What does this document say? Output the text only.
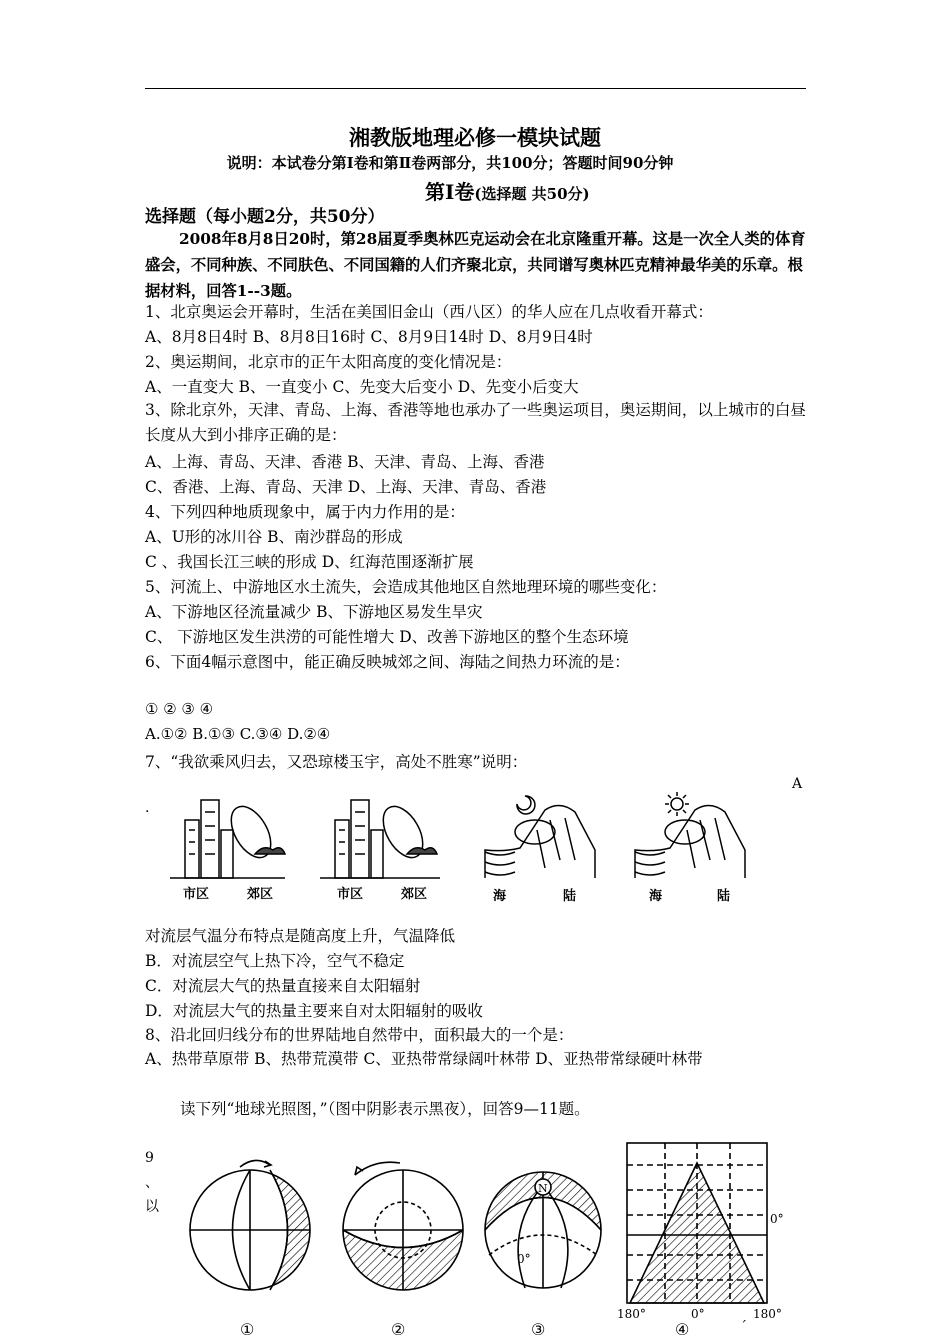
湘教版地理必修一模块试题
说明：本试卷分第Ⅰ卷和第Ⅱ卷两部分，共100分；答题时间90分钟
第Ⅰ卷(选择题 共50分)
选择题（每小题2分，共50分）
2008年8月8日20时，第28届夏季奥林匹克运动会在北京隆重开幕。这是一次全人类的体育盛会，不同种族、不同肤色、不同国籍的人们齐聚北京，共同谱写奥林匹克精神最华美的乐章。根据材料，回答1--3题。
1、北京奥运会开幕时，生活在美国旧金山（西八区）的华人应在几点收看开幕式：
A、8月8日4时 B、8月8日16时 C、8月9日14时 D、8月9日4时
2、奥运期间，北京市的正午太阳高度的变化情况是：
A、一直变大 B、一直变小 C、先变大后变小 D、先变小后变大
3、除北京外，天津、青岛、上海、香港等地也承办了一些奥运项目，奥运期间，以上城市的白昼长度从大到小排序正确的是：
A、上海、青岛、天津、香港 B、天津、青岛、上海、香港
C、香港、上海、青岛、天津 D、上海、天津、青岛、香港
4、下列四种地质现象中，属于内力作用的是：
A、U形的冰川谷 B、南沙群岛的形成
C 、我国长江三峡的形成 D、红海范围逐渐扩展
5、河流上、中游地区水土流失，会造成其他地区自然地理环境的哪些变化：
A、下游地区径流量减少 B、下游地区易发生旱灾
C、 下游地区发生洪涝的可能性增大 D、改善下游地区的整个生态环境
6、下面4幅示意图中，能正确反映城郊之间、海陆之间热力环流的是：
① ② ③ ④
A.①② B.①③ C.③④ D.②④
7、“我欲乘风归去，又恐琼楼玉宇，高处不胜寒”说明：
A
.
市区	郊区	市区	郊区	海	陆	海	陆
对流层气温分布特点是随高度上升，气温降低
B．对流层空气上热下冷，空气不稳定
C．对流层大气的热量直接来自太阳辐射
D．对流层大气的热量主要来自对太阳辐射的吸收
8、沿北回归线分布的世界陆地自然带中，面积最大的一个是：
A、热带草原带 B、热带荒漠带 C、亚热带常绿阔叶林带 D、亚热带常绿硬叶林带
读下列“地球光照图，”（图中阴影表示黑夜），回答9—11题。
9
、
以
N
0°
0°
180°	0°	180°
①	②	③	④	ˊ
